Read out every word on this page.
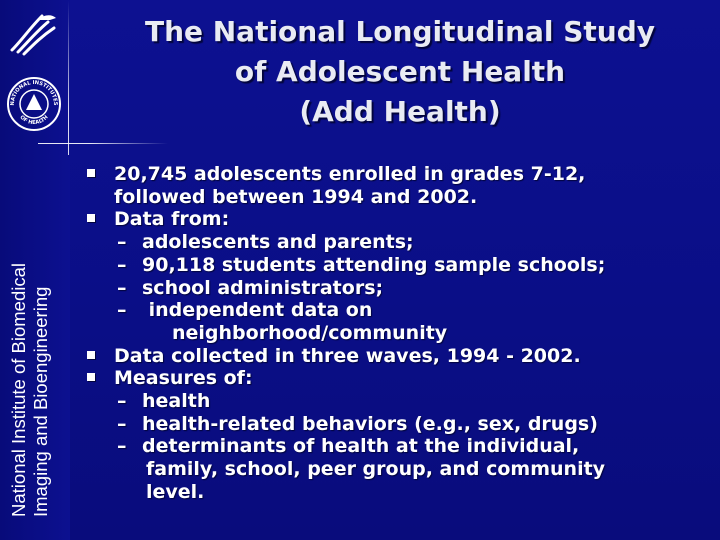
NATIONAL INSTITUTES
OF HEALTH
National Institute of Biomedical Imaging and Bioengineering
The National Longitudinal Study
of Adolescent Health
(Add Health)
20,745 adolescents enrolled in grades 7-12,
followed between 1994 and 2002.
Data from:
– adolescents and parents;
– 90,118 students attending sample schools;
– school administrators;
– independent data on
neighborhood/community
Data collected in three waves, 1994 - 2002.
Measures of:
– health
– health-related behaviors (e.g., sex, drugs)
– determinants of health at the individual,
family, school, peer group, and community
level.
